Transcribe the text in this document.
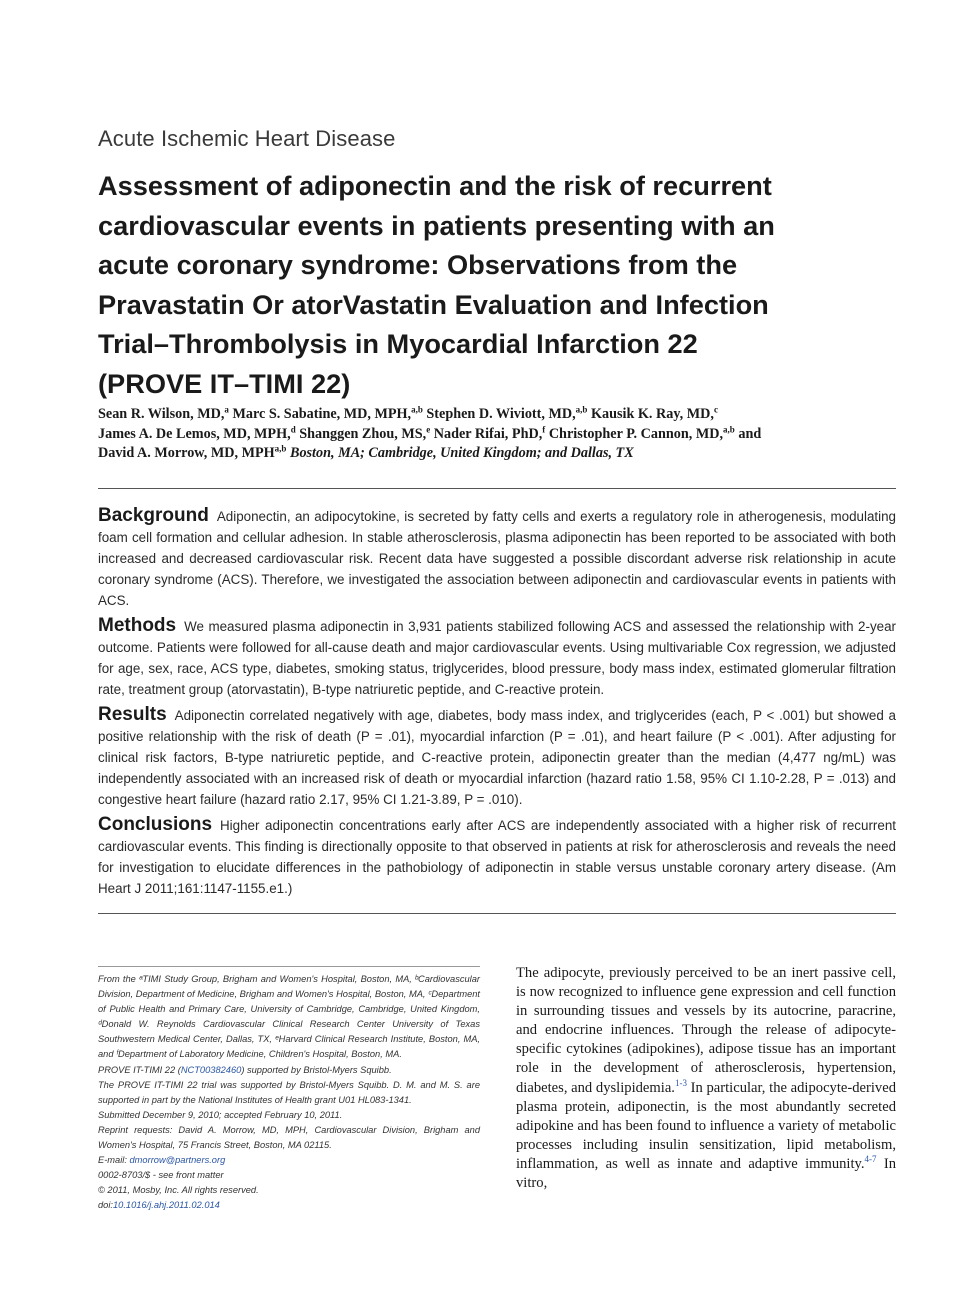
Acute Ischemic Heart Disease
Assessment of adiponectin and the risk of recurrent
cardiovascular events in patients presenting with an
acute coronary syndrome: Observations from the
Pravastatin Or atorVastatin Evaluation and Infection
Trial–Thrombolysis in Myocardial Infarction 22
(PROVE IT–TIMI 22)
Sean R. Wilson, MD,$^a$ Marc S. Sabatine, MD, MPH,$^{a,b}$ Stephen D. Wiviott, MD,$^{a,b}$ Kausik K. Ray, MD,$^c$
James A. De Lemos, MD, MPH,$^d$ Shanggen Zhou, MS,$^e$ Nader Rifai, PhD,$^f$ Christopher P. Cannon, MD,$^{a,b}$ and
David A. Morrow, MD, MPH$^{a,b}$ Boston, MA; Cambridge, United Kingdom; and Dallas, TX

Background Adiponectin, an adipocytokine, is secreted by fatty cells and exerts a regulatory role in atherogenesis, modulating foam cell formation and cellular adhesion. In stable atherosclerosis, plasma adiponectin has been reported to be associated with both increased and decreased cardiovascular risk. Recent data have suggested a possible discordant adverse risk relationship in acute coronary syndrome (ACS). Therefore, we investigated the association between adiponectin and cardiovascular events in patients with ACS.

Methods We measured plasma adiponectin in 3,931 patients stabilized following ACS and assessed the relationship with 2-year outcome. Patients were followed for all-cause death and major cardiovascular events. Using multivariable Cox regression, we adjusted for age, sex, race, ACS type, diabetes, smoking status, triglycerides, blood pressure, body mass index, estimated glomerular filtration rate, treatment group (atorvastatin), B-type natriuretic peptide, and C-reactive protein.

Results Adiponectin correlated negatively with age, diabetes, body mass index, and triglycerides (each, P < .001) but showed a positive relationship with the risk of death (P = .01), myocardial infarction (P = .01), and heart failure (P < .001). After adjusting for clinical risk factors, B-type natriuretic peptide, and C-reactive protein, adiponectin greater than the median (4,477 ng/mL) was independently associated with an increased risk of death or myocardial infarction (hazard ratio 1.58, 95% CI 1.10-2.28, P = .013) and congestive heart failure (hazard ratio 2.17, 95% CI 1.21-3.89, P = .010).

Conclusions Higher adiponectin concentrations early after ACS are independently associated with a higher risk of recurrent cardiovascular events. This finding is directionally opposite to that observed in patients at risk for atherosclerosis and reveals the need for investigation to elucidate differences in the pathobiology of adiponectin in stable versus unstable coronary artery disease. (Am Heart J 2011;161:1147-1155.e1.)

From the ᵃTIMI Study Group, Brigham and Women's Hospital, Boston, MA, ᵇCardiovascular Division, Department of Medicine, Brigham and Women's Hospital, Boston, MA, ᶜDepartment of Public Health and Primary Care, University of Cambridge, Cambridge, United Kingdom, ᵈDonald W. Reynolds Cardiovascular Clinical Research Center University of Texas Southwestern Medical Center, Dallas, TX, ᵉHarvard Clinical Research Institute, Boston, MA, and ᶠDepartment of Laboratory Medicine, Children's Hospital, Boston, MA.

PROVE IT-TIMI 22 (NCT00382460) supported by Bristol-Myers Squibb.

The PROVE IT-TIMI 22 trial was supported by Bristol-Myers Squibb. D. M. and M. S. are supported in part by the National Institutes of Health grant U01 HL083-1341.

Submitted December 9, 2010; accepted February 10, 2011.

Reprint requests: David A. Morrow, MD, MPH, Cardiovascular Division, Brigham and Women's Hospital, 75 Francis Street, Boston, MA 02115.

E-mail: dmorrow@partners.org

0002-8703/$ - see front matter

© 2011, Mosby, Inc. All rights reserved.

doi:10.1016/j.ahj.2011.02.014

The adipocyte, previously perceived to be an inert passive cell, is now recognized to influence gene expression and cell function in surrounding tissues and vessels by its autocrine, paracrine, and endocrine influences. Through the release of adipocyte-specific cytokines (adipokines), adipose tissue has an important role in the development of atherosclerosis, hypertension, diabetes, and dyslipidemia.$^{1-3}$ In particular, the adipocyte-derived plasma protein, adiponectin, is the most abundantly secreted adipokine and has been found to influence a variety of metabolic processes including insulin sensitization, lipid metabolism, inflammation, as well as innate and adaptive immunity.$^{4-7}$ In vitro,
